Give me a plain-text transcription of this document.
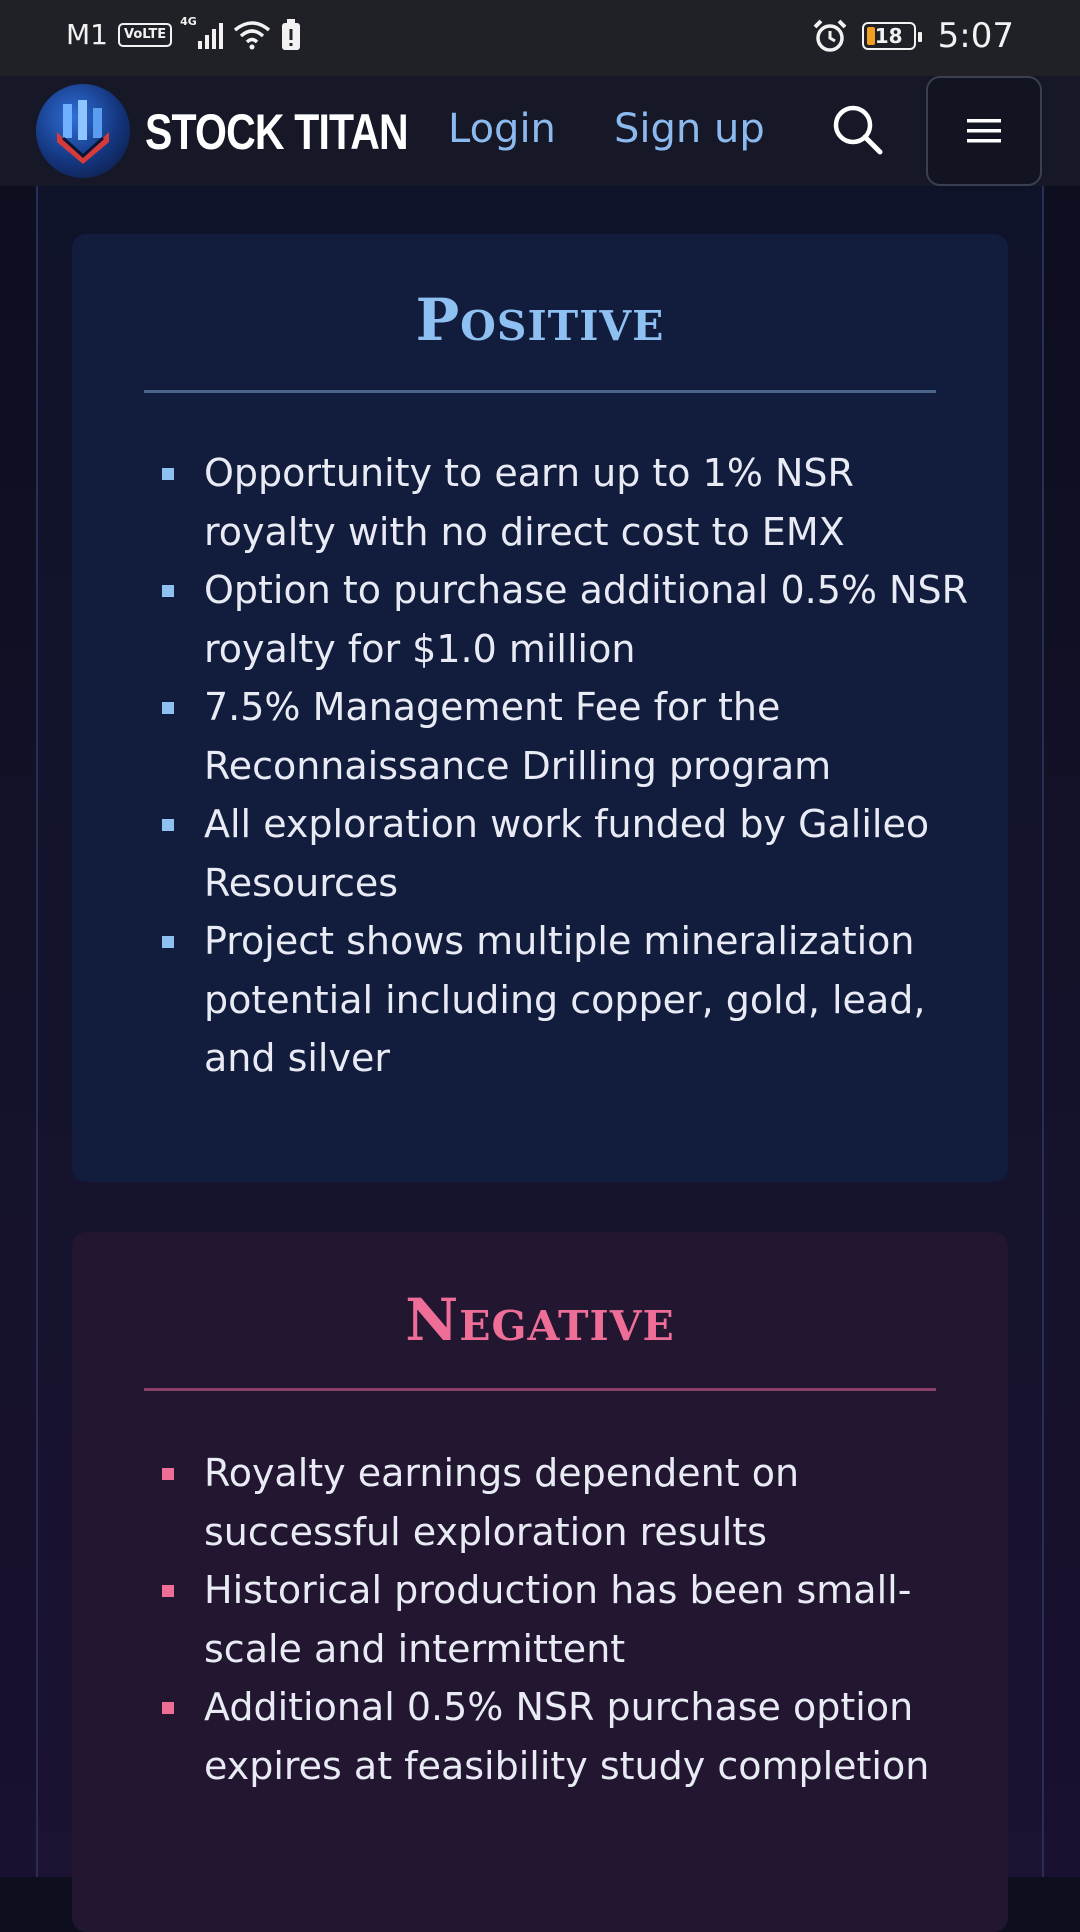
M1	VoLTE
4G
18 5:07
STOCK TITAN Login Sign up
Positive
Opportunity to earn up to 1% NSR royalty with no direct cost to EMX
Option to purchase additional 0.5% NSR royalty for $1.0 million
7.5% Management Fee for the Reconnaissance Drilling program
All exploration work funded by Galileo Resources
Project shows multiple mineralization potential including copper, gold, lead, and silver
Negative
Royalty earnings dependent on successful exploration results
Historical production has been small-scale and intermittent
Additional 0.5% NSR purchase option expires at feasibility study completion
